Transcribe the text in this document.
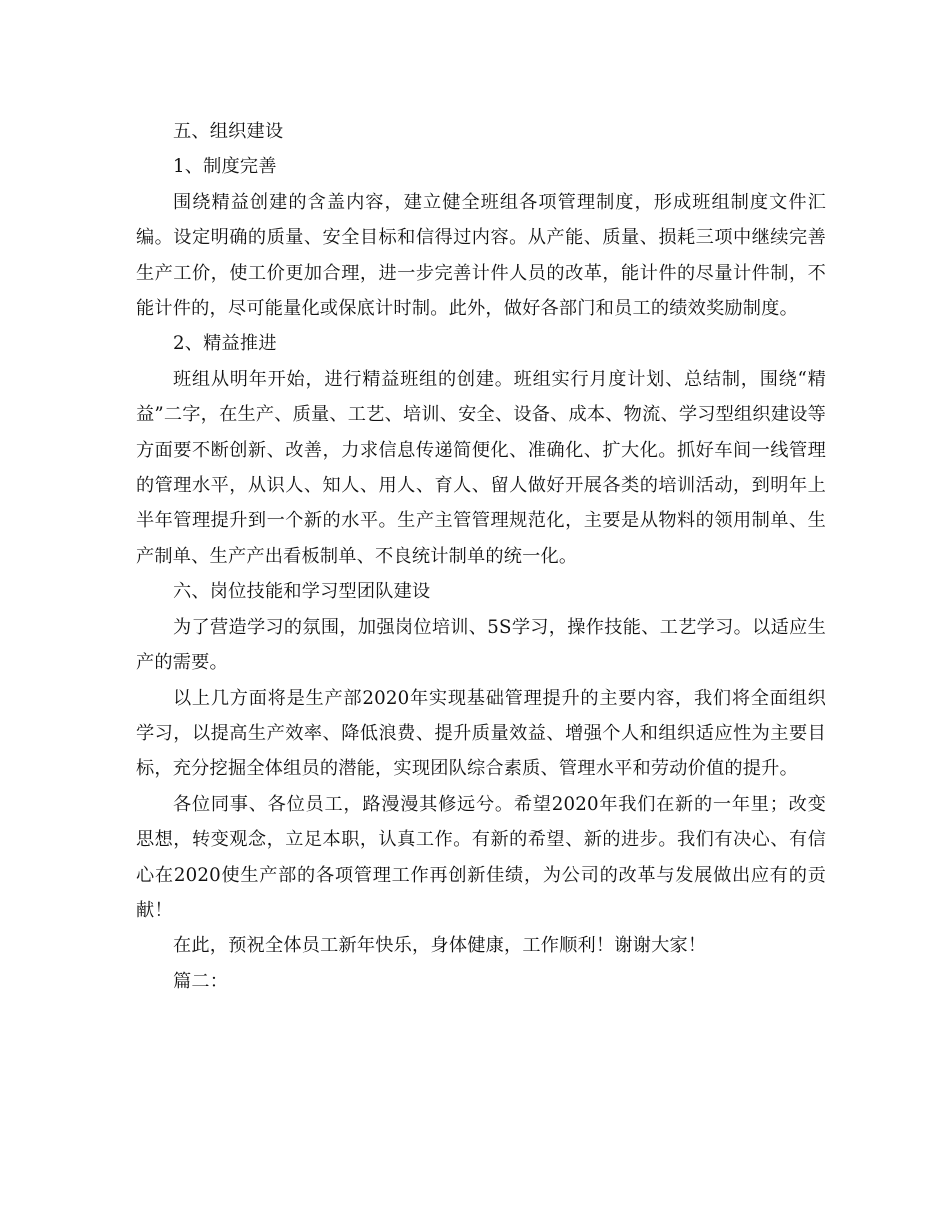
五、组织建设

1、制度完善

围绕精益创建的含盖内容，建立健全班组各项管理制度，形成班组制度文件汇编。设定明确的质量、安全目标和信得过内容。从产能、质量、损耗三项中继续完善生产工价，使工价更加合理，进一步完善计件人员的改革，能计件的尽量计件制，不能计件的，尽可能量化或保底计时制。此外，做好各部门和员工的绩效奖励制度。

2、精益推进

班组从明年开始，进行精益班组的创建。班组实行月度计划、总结制，围绕“精益”二字，在生产、质量、工艺、培训、安全、设备、成本、物流、学习型组织建设等方面要不断创新、改善，力求信息传递简便化、准确化、扩大化。抓好车间一线管理的管理水平，从识人、知人、用人、育人、留人做好开展各类的培训活动，到明年上半年管理提升到一个新的水平。生产主管管理规范化，主要是从物料的领用制单、生产制单、生产产出看板制单、不良统计制单的统一化。

六、岗位技能和学习型团队建设

为了营造学习的氛围，加强岗位培训、5S学习，操作技能、工艺学习。以适应生产的需要。

以上几方面将是生产部2020年实现基础管理提升的主要内容，我们将全面组织学习，以提高生产效率、降低浪费、提升质量效益、增强个人和组织适应性为主要目标，充分挖掘全体组员的潜能，实现团队综合素质、管理水平和劳动价值的提升。

各位同事、各位员工，路漫漫其修远兮。希望2020年我们在新的一年里；改变思想，转变观念，立足本职，认真工作。有新的希望、新的进步。我们有决心、有信心在2020使生产部的各项管理工作再创新佳绩，为公司的改革与发展做出应有的贡献！

在此，预祝全体员工新年快乐，身体健康，工作顺利！谢谢大家！

篇二：
